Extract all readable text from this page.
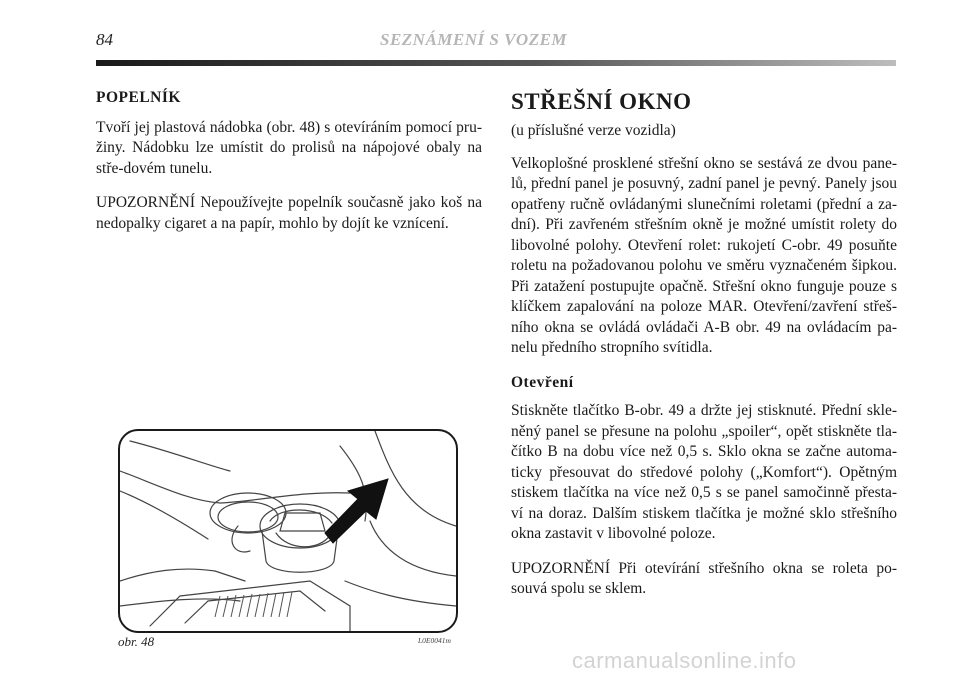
84	SEZNÁMENÍ S VOZEM
POPELNÍK

Tvoří jej plastová nádobka (obr. 48) s otevíráním pomocí pru-žiny. Nádobku lze umístit do prolisů na nápojové obaly na stře-dovém tunelu.

UPOZORNĚNÍ Nepoužívejte popelník současně jako koš na nedopalky cigaret a na papír, mohlo by dojít ke vznícení.

STŘEŠNÍ OKNO

(u příslušné verze vozidla)

Velkoplošné prosklené střešní okno se sestává ze dvou pane-lů, přední panel je posuvný, zadní panel je pevný. Panely jsou opatřeny ručně ovládanými slunečními roletami (přední a za-dní). Při zavřeném střešním okně je možné umístit rolety do libovolné polohy. Otevření rolet: rukojetí C-obr. 49 posuňte roletu na požadovanou polohu ve směru vyznačeném šipkou. Při zatažení postupujte opačně. Střešní okno funguje pouze s klíčkem zapalování na poloze MAR. Otevření/zavření střeš-ního okna se ovládá ovládači A-B obr. 49 na ovládacím pa-nelu předního stropního svítidla.

Otevření

Stiskněte tlačítko B-obr. 49 a držte jej stisknuté. Přední skle-něný panel se přesune na polohu „spoiler“, opět stiskněte tla-čítko B na dobu více než 0,5 s. Sklo okna se začne automa-ticky přesouvat do středové polohy („Komfort“). Opětným stiskem tlačítka na více než 0,5 s se panel samočinně přesta-ví na doraz. Dalším stiskem tlačítka je možné sklo střešního okna zastavit v libovolné poloze.

UPOZORNĚNÍ Při otevírání střešního okna se roleta po-souvá spolu se sklem.

obr. 48	L0E0041m
carmanualsonline.info
